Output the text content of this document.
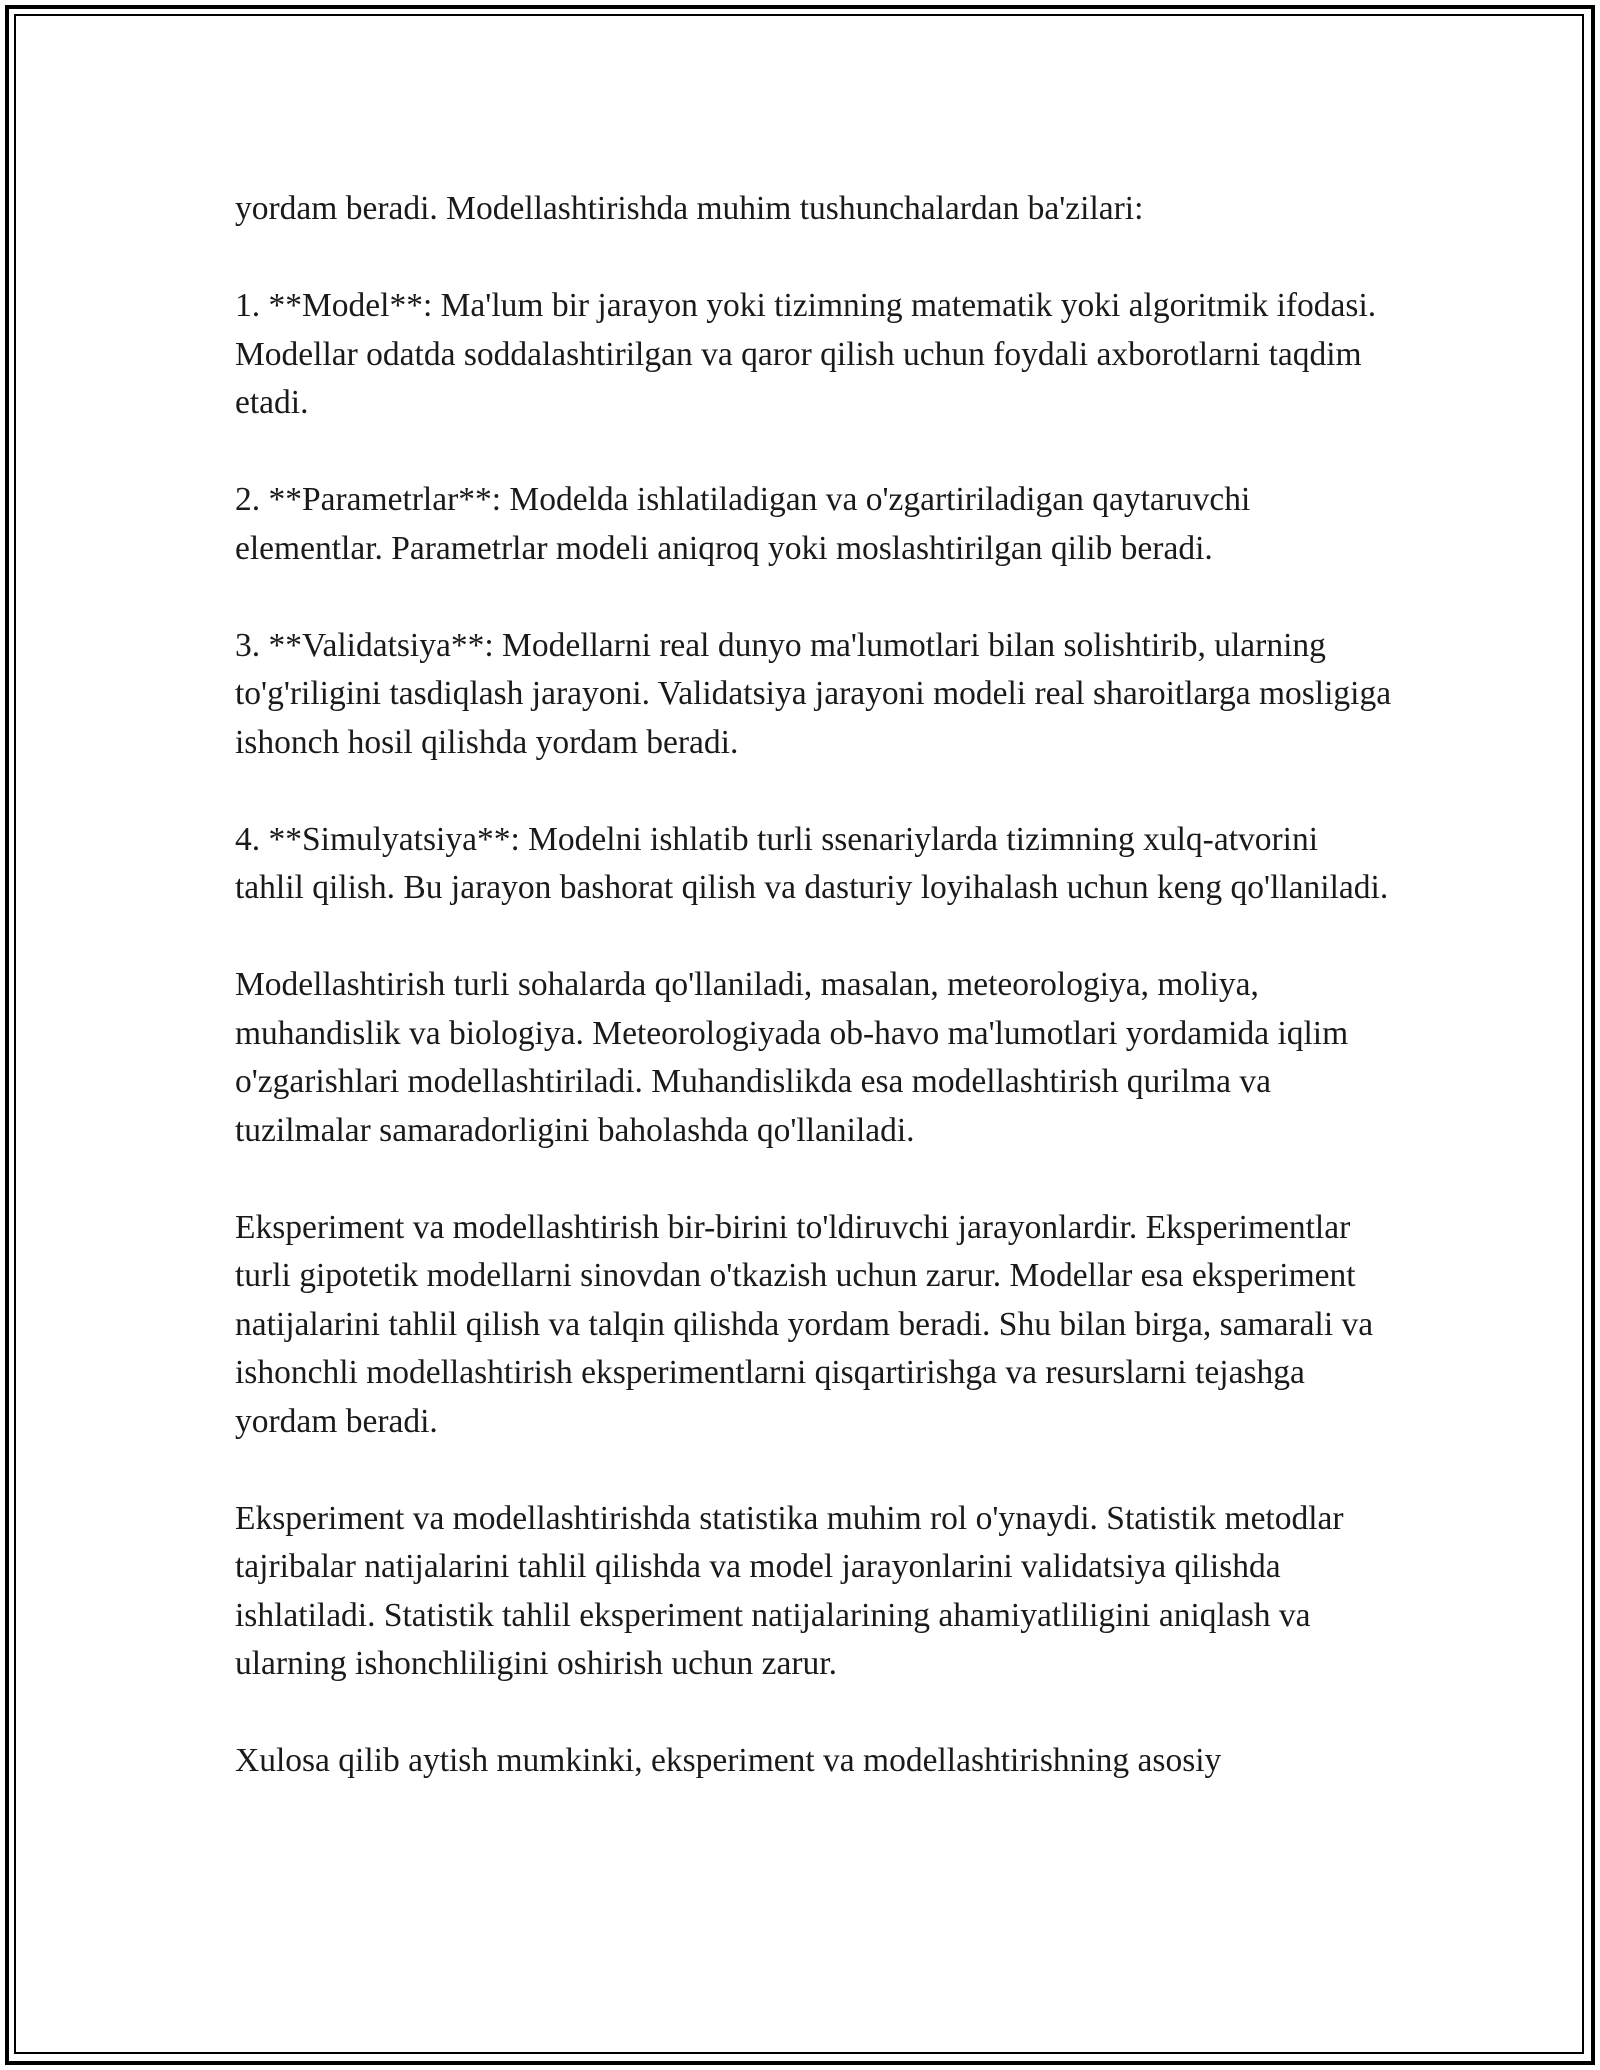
yordam beradi. Modellashtirishda muhim tushunchalardan ba'zilari:

1. **Model**: Ma'lum bir jarayon yoki tizimning matematik yoki algoritmik ifodasi. Modellar odatda soddalashtirilgan va qaror qilish uchun foydali axborotlarni taqdim etadi.

2. **Parametrlar**: Modelda ishlatiladigan va o'zgartiriladigan qaytaruvchi elementlar. Parametrlar modeli aniqroq yoki moslashtirilgan qilib beradi.

3. **Validatsiya**: Modellarni real dunyo ma'lumotlari bilan solishtirib, ularning to'g'riligini tasdiqlash jarayoni. Validatsiya jarayoni modeli real sharoitlarga mosligiga ishonch hosil qilishda yordam beradi.

4. **Simulyatsiya**: Modelni ishlatib turli ssenariylarda tizimning xulq-atvorini tahlil qilish. Bu jarayon bashorat qilish va dasturiy loyihalash uchun keng qo'llaniladi.

Modellashtirish turli sohalarda qo'llaniladi, masalan, meteorologiya, moliya, muhandislik va biologiya. Meteorologiyada ob-havo ma'lumotlari yordamida iqlim o'zgarishlari modellashtiriladi. Muhandislikda esa modellashtirish qurilma va tuzilmalar samaradorligini baholashda qo'llaniladi.

Eksperiment va modellashtirish bir-birini to'ldiruvchi jarayonlardir. Eksperimentlar turli gipotetik modellarni sinovdan o'tkazish uchun zarur. Modellar esa eksperiment natijalarini tahlil qilish va talqin qilishda yordam beradi. Shu bilan birga, samarali va ishonchli modellashtirish eksperimentlarni qisqartirishga va resurslarni tejashga yordam beradi.

Eksperiment va modellashtirishda statistika muhim rol o'ynaydi. Statistik metodlar tajribalar natijalarini tahlil qilishda va model jarayonlarini validatsiya qilishda ishlatiladi. Statistik tahlil eksperiment natijalarining ahamiyatliligini aniqlash va ularning ishonchliligini oshirish uchun zarur.

Xulosa qilib aytish mumkinki, eksperiment va modellashtirishning asosiy
